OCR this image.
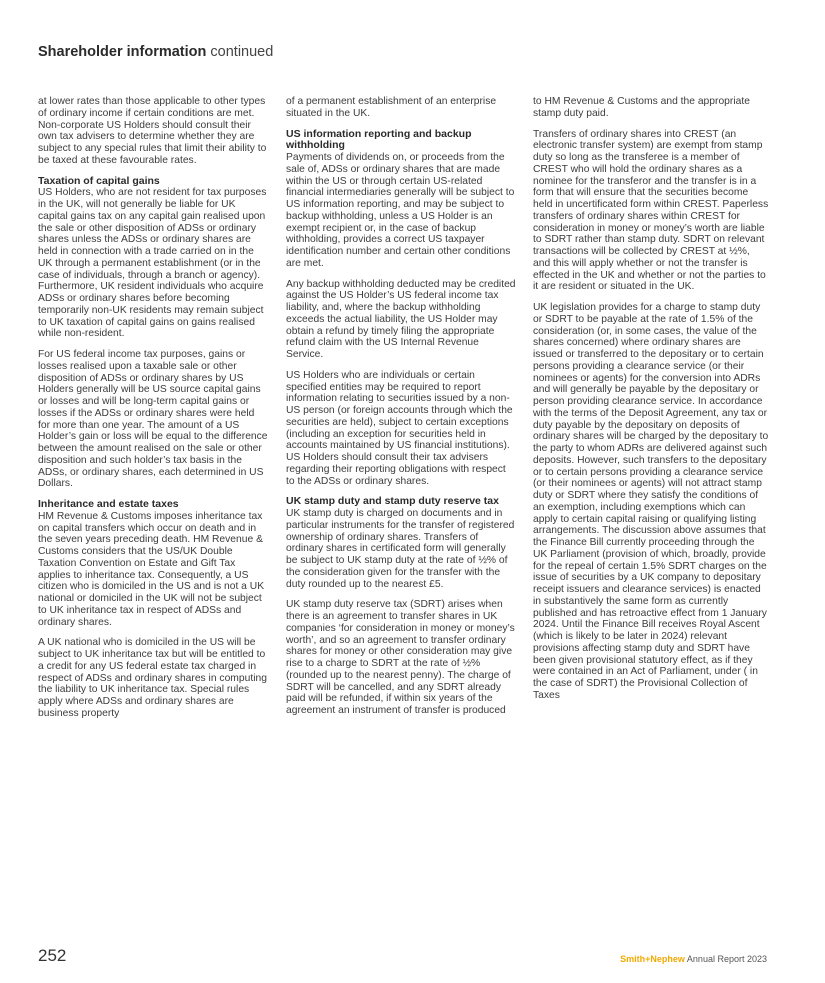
Shareholder information continued

at lower rates than those applicable to other types of ordinary income if certain conditions are met. Non-corporate US Holders should consult their own tax advisers to determine whether they are subject to any special rules that limit their ability to be taxed at these favourable rates.

Taxation of capital gains

US Holders, who are not resident for tax purposes in the UK, will not generally be liable for UK capital gains tax on any capital gain realised upon the sale or other disposition of ADSs or ordinary shares unless the ADSs or ordinary shares are held in connection with a trade carried on in the UK through a permanent establishment (or in the case of individuals, through a branch or agency). Furthermore, UK resident individuals who acquire ADSs or ordinary shares before becoming temporarily non-UK residents may remain subject to UK taxation of capital gains on gains realised while non-resident.

For US federal income tax purposes, gains or losses realised upon a taxable sale or other disposition of ADSs or ordinary shares by US Holders generally will be US source capital gains or losses and will be long-term capital gains or losses if the ADSs or ordinary shares were held for more than one year. The amount of a US Holder’s gain or loss will be equal to the difference between the amount realised on the sale or other disposition and such holder’s tax basis in the ADSs, or ordinary shares, each determined in US Dollars.

Inheritance and estate taxes

HM Revenue & Customs imposes inheritance tax on capital transfers which occur on death and in the seven years preceding death. HM Revenue & Customs considers that the US/UK Double Taxation Convention on Estate and Gift Tax applies to inheritance tax. Consequently, a US citizen who is domiciled in the US and is not a UK national or domiciled in the UK will not be subject to UK inheritance tax in respect of ADSs and ordinary shares.

A UK national who is domiciled in the US will be subject to UK inheritance tax but will be entitled to a credit for any US federal estate tax charged in respect of ADSs and ordinary shares in computing the liability to UK inheritance tax. Special rules apply where ADSs and ordinary shares are business property

of a permanent establishment of an enterprise situated in the UK.

US information reporting and backup withholding

Payments of dividends on, or proceeds from the sale of, ADSs or ordinary shares that are made within the US or through certain US-related financial intermediaries generally will be subject to US information reporting, and may be subject to backup withholding, unless a US Holder is an exempt recipient or, in the case of backup withholding, provides a correct US taxpayer identification number and certain other conditions are met.

Any backup withholding deducted may be credited against the US Holder’s US federal income tax liability, and, where the backup withholding exceeds the actual liability, the US Holder may obtain a refund by timely filing the appropriate refund claim with the US Internal Revenue Service.

US Holders who are individuals or certain specified entities may be required to report information relating to securities issued by a non-US person (or foreign accounts through which the securities are held), subject to certain exceptions (including an exception for securities held in accounts maintained by US financial institutions). US Holders should consult their tax advisers regarding their reporting obligations with respect to the ADSs or ordinary shares.

UK stamp duty and stamp duty reserve tax

UK stamp duty is charged on documents and in particular instruments for the transfer of registered ownership of ordinary shares. Transfers of ordinary shares in certificated form will generally be subject to UK stamp duty at the rate of ½% of the consideration given for the transfer with the duty rounded up to the nearest £5.

UK stamp duty reserve tax (SDRT) arises when there is an agreement to transfer shares in UK companies ‘for consideration in money or money’s worth’, and so an agreement to transfer ordinary shares for money or other consideration may give rise to a charge to SDRT at the rate of ½% (rounded up to the nearest penny). The charge of SDRT will be cancelled, and any SDRT already paid will be refunded, if within six years of the agreement an instrument of transfer is produced

to HM Revenue & Customs and the appropriate stamp duty paid.

Transfers of ordinary shares into CREST (an electronic transfer system) are exempt from stamp duty so long as the transferee is a member of CREST who will hold the ordinary shares as a nominee for the transferor and the transfer is in a form that will ensure that the securities become held in uncertificated form within CREST. Paperless transfers of ordinary shares within CREST for consideration in money or money’s worth are liable to SDRT rather than stamp duty. SDRT on relevant transactions will be collected by CREST at ½%, and this will apply whether or not the transfer is effected in the UK and whether or not the parties to it are resident or situated in the UK.

UK legislation provides for a charge to stamp duty or SDRT to be payable at the rate of 1.5% of the consideration (or, in some cases, the value of the shares concerned) where ordinary shares are issued or transferred to the depositary or to certain persons providing a clearance service (or their nominees or agents) for the conversion into ADRs and will generally be payable by the depositary or person providing clearance service. In accordance with the terms of the Deposit Agreement, any tax or duty payable by the depositary on deposits of ordinary shares will be charged by the depositary to the party to whom ADRs are delivered against such deposits. However, such transfers to the depositary or to certain persons providing a clearance service (or their nominees or agents) will not attract stamp duty or SDRT where they satisfy the conditions of an exemption, including exemptions which can apply to certain capital raising or qualifying listing arrangements. The discussion above assumes that the Finance Bill currently proceeding through the UK Parliament (provision of which, broadly, provide for the repeal of certain 1.5% SDRT charges on the issue of securities by a UK company to depositary receipt issuers and clearance services) is enacted in substantively the same form as currently published and has retroactive effect from 1 January 2024. Until the Finance Bill receives Royal Ascent (which is likely to be later in 2024) relevant provisions affecting stamp duty and SDRT have been given provisional statutory effect, as if they were contained in an Act of Parliament, under ( in the case of SDRT) the Provisional Collection of Taxes

252	Smith+Nephew Annual Report 2023
